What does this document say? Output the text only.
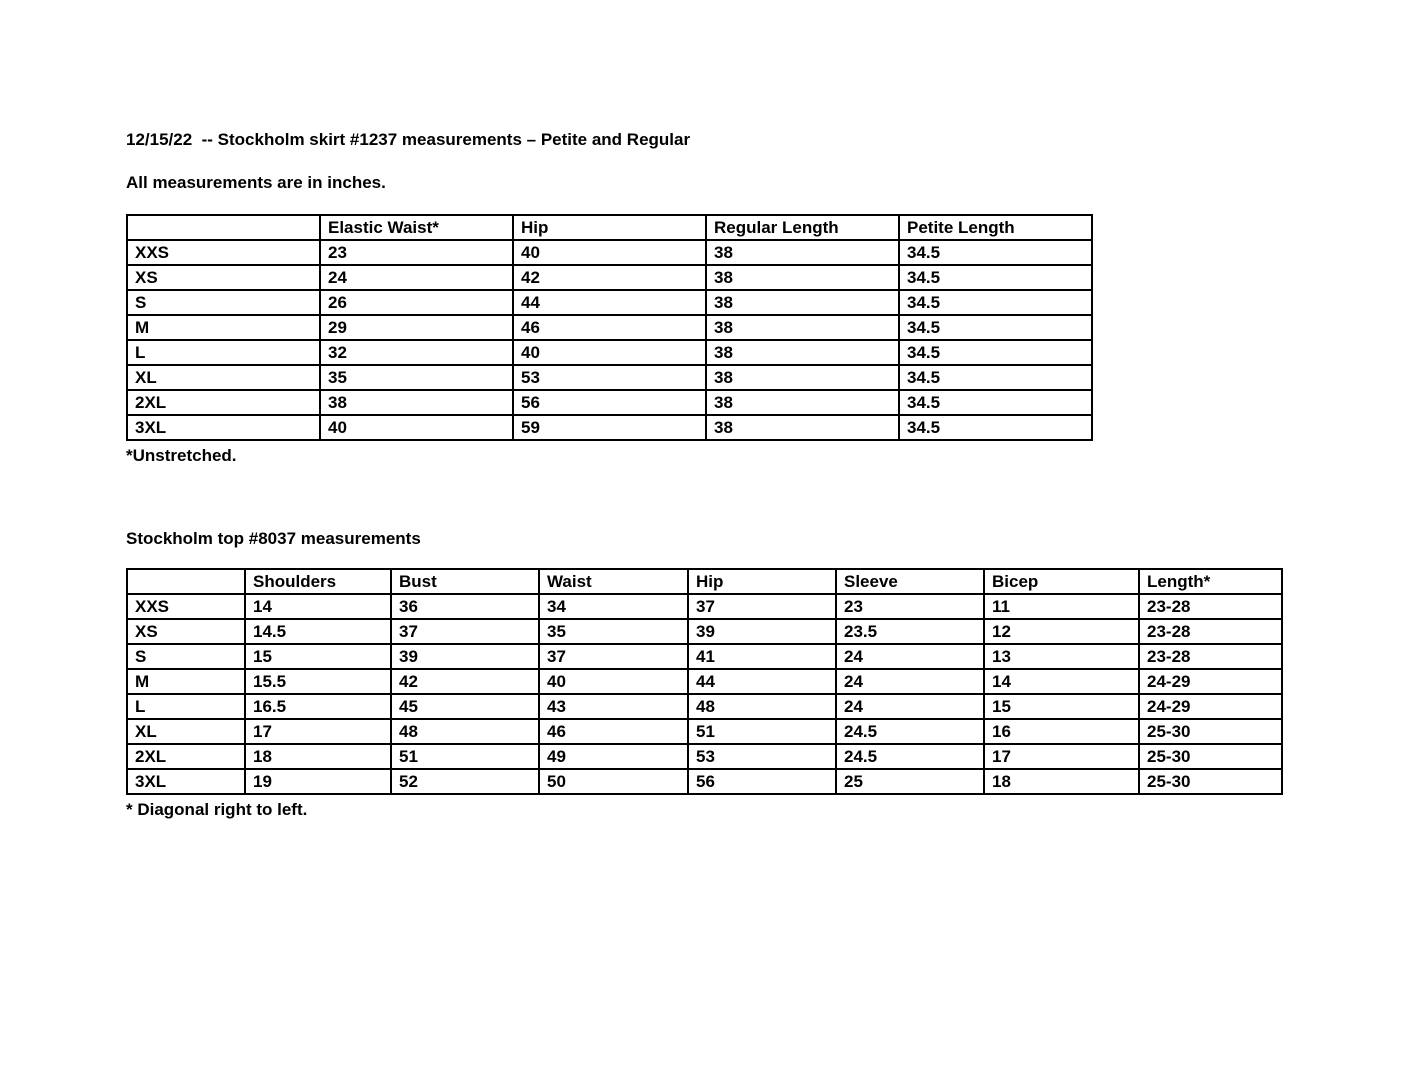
12/15/22  -- Stockholm skirt #1237 measurements – Petite and Regular

All measurements are in inches.

	Elastic Waist*	Hip	Regular Length	Petite Length
XXS	23	40	38	34.5
XS	24	42	38	34.5
S	26	44	38	34.5
M	29	46	38	34.5
L	32	40	38	34.5
XL	35	53	38	34.5
2XL	38	56	38	34.5
3XL	40	59	38	34.5

*Unstretched.

Stockholm top #8037 measurements

	Shoulders	Bust	Waist	Hip	Sleeve	Bicep	Length*
XXS	14	36	34	37	23	11	23-28
XS	14.5	37	35	39	23.5	12	23-28
S	15	39	37	41	24	13	23-28
M	15.5	42	40	44	24	14	24-29
L	16.5	45	43	48	24	15	24-29
XL	17	48	46	51	24.5	16	25-30
2XL	18	51	49	53	24.5	17	25-30
3XL	19	52	50	56	25	18	25-30

* Diagonal right to left.
